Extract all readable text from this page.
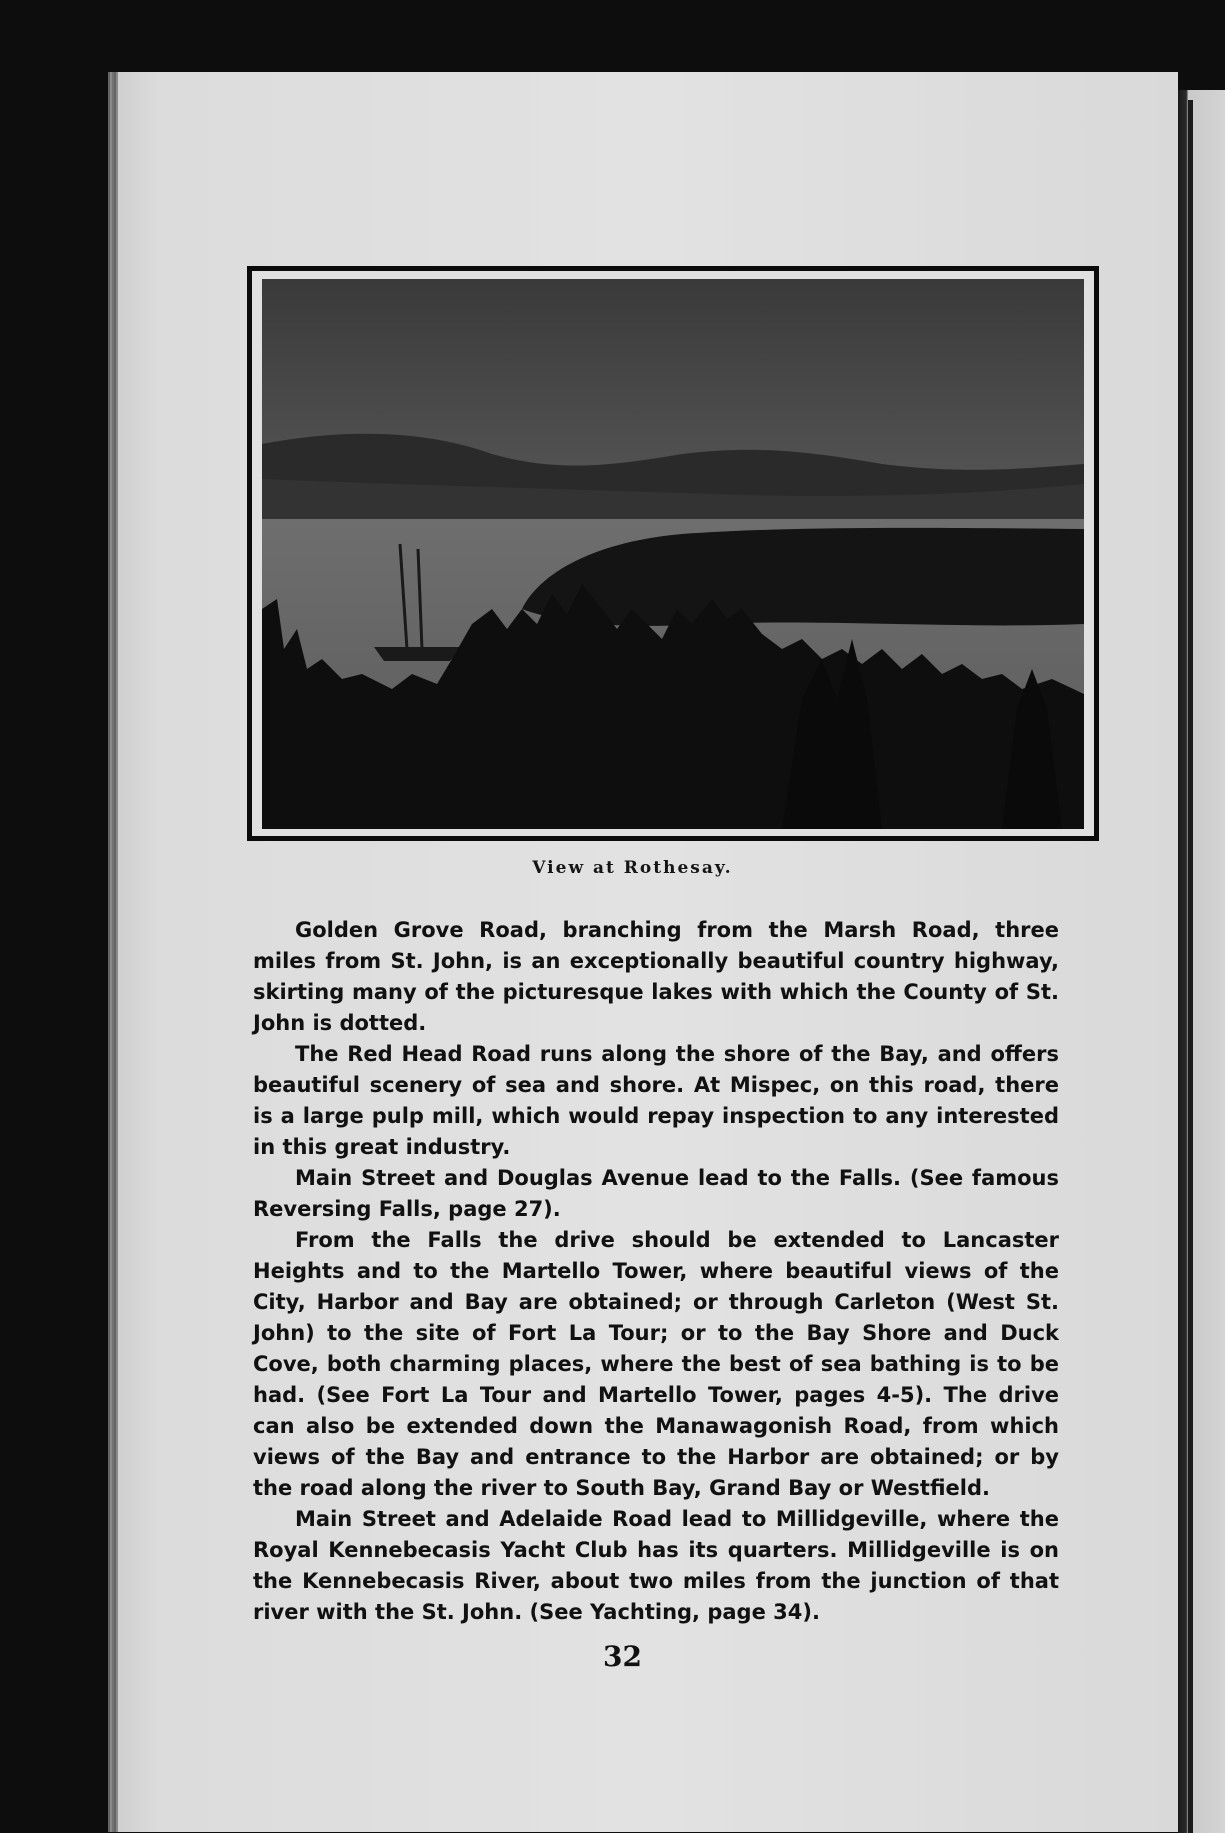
View at Rothesay.

Golden Grove Road, branching from the Marsh Road, three miles from St. John, is an exceptionally beautiful country highway, skirting many of the picturesque lakes with which the County of St. John is dotted.

The Red Head Road runs along the shore of the Bay, and offers beautiful scenery of sea and shore. At Mispec, on this road, there is a large pulp mill, which would repay inspection to any interested in this great industry.

Main Street and Douglas Avenue lead to the Falls. (See famous Reversing Falls, page 27).

From the Falls the drive should be extended to Lancaster Heights and to the Martello Tower, where beautiful views of the City, Harbor and Bay are obtained; or through Carleton (West St. John) to the site of Fort La Tour; or to the Bay Shore and Duck Cove, both charming places, where the best of sea bathing is to be had. (See Fort La Tour and Martello Tower, pages 4-5). The drive can also be extended down the Manawagonish Road, from which views of the Bay and entrance to the Harbor are obtained; or by the road along the river to South Bay, Grand Bay or Westfield.

Main Street and Adelaide Road lead to Millidgeville, where the Royal Kennebecasis Yacht Club has its quarters. Millidgeville is on the Kennebecasis River, about two miles from the junction of that river with the St. John. (See Yachting, page 34).

32
